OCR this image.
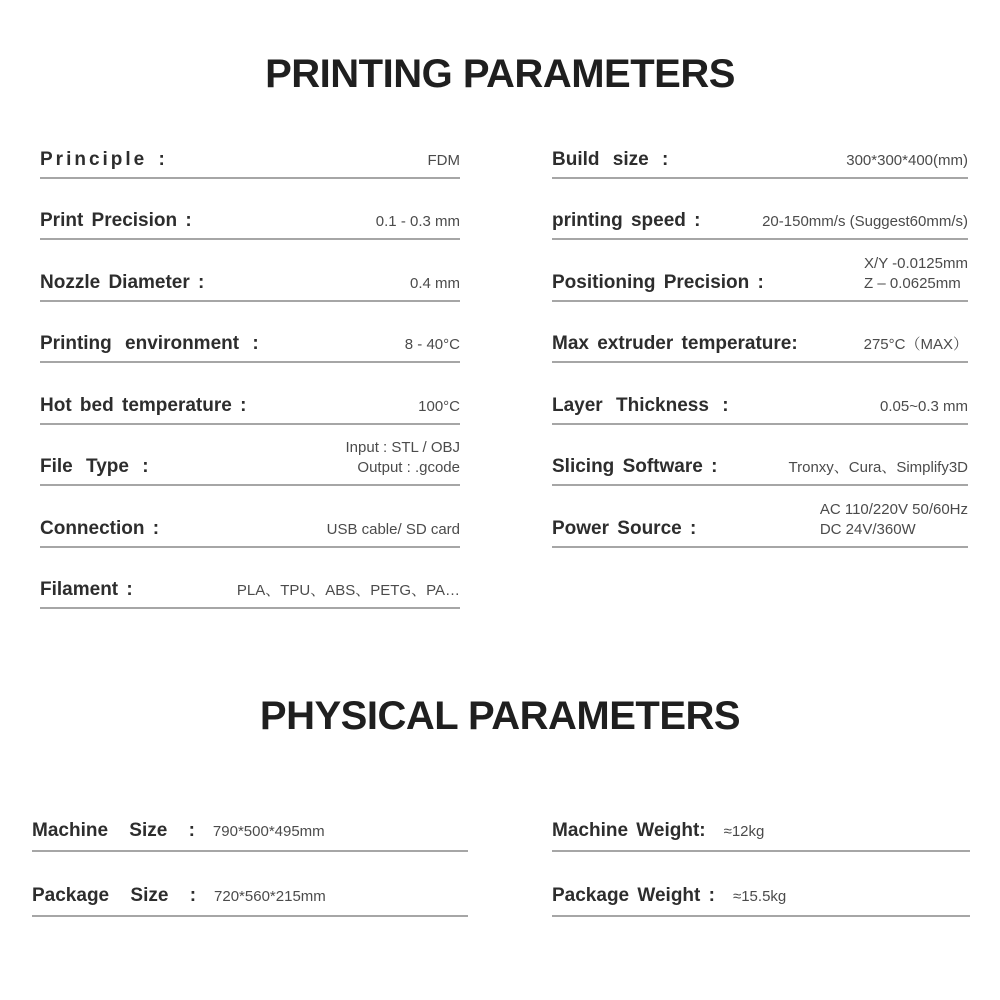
PRINTING PARAMETERS
Principle :	FDM
Print Precision :	0.1 - 0.3 mm
Nozzle Diameter :	0.4 mm
Printing environment :	8 - 40°C
Hot bed temperature :	100°C
File Type :
Input : STL / OBJ
Output : .gcode
Connection :	USB cable/ SD card
Filament :	PLA、TPU、ABS、PETG、PA…
Build size :	300*300*400(mm)
printing speed :	20-150mm/s (Suggest60mm/s)
Positioning Precision :
X/Y -0.0125mm
Z – 0.0625mm
Max extruder temperature:	275°C（MAX）
Layer Thickness :	0.05~0.3 mm
Slicing Software :	Tronxy、Cura、Simplify3D
Power Source :
AC 110/220V 50/60Hz
DC 24V/360W
PHYSICAL PARAMETERS
Machine Size : 790*500*495mm
Package Size : 720*560*215mm
Machine Weight: ≈12kg
Package Weight : ≈15.5kg
